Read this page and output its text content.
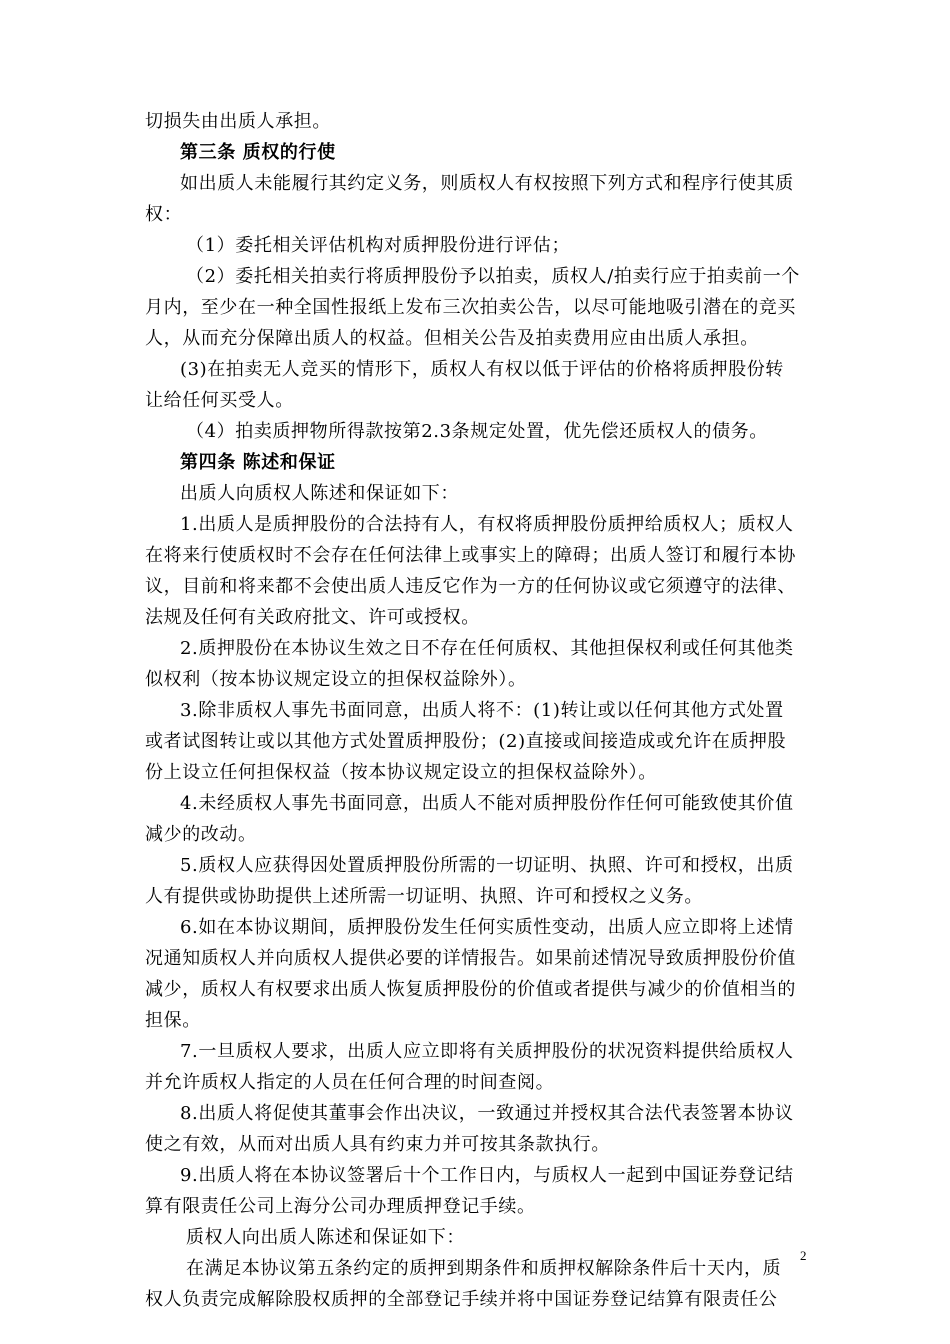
切损失由出质人承担。
第三条 质权的行使
如出质人未能履行其约定义务，则质权人有权按照下列方式和程序行使其质
权：
（1）委托相关评估机构对质押股份进行评估；
（2）委托相关拍卖行将质押股份予以拍卖，质权人/拍卖行应于拍卖前一个
月内，至少在一种全国性报纸上发布三次拍卖公告，以尽可能地吸引潜在的竞买
人，从而充分保障出质人的权益。但相关公告及拍卖费用应由出质人承担。
(3)在拍卖无人竞买的情形下，质权人有权以低于评估的价格将质押股份转
让给任何买受人。
（4）拍卖质押物所得款按第2.3条规定处置，优先偿还质权人的债务。
第四条 陈述和保证
出质人向质权人陈述和保证如下：
1.出质人是质押股份的合法持有人，有权将质押股份质押给质权人；质权人
在将来行使质权时不会存在任何法律上或事实上的障碍；出质人签订和履行本协
议，目前和将来都不会使出质人违反它作为一方的任何协议或它须遵守的法律、
法规及任何有关政府批文、许可或授权。
2.质押股份在本协议生效之日不存在任何质权、其他担保权利或任何其他类
似权利（按本协议规定设立的担保权益除外）。
3.除非质权人事先书面同意，出质人将不：(1)转让或以任何其他方式处置
或者试图转让或以其他方式处置质押股份；(2)直接或间接造成或允许在质押股
份上设立任何担保权益（按本协议规定设立的担保权益除外）。
4.未经质权人事先书面同意，出质人不能对质押股份作任何可能致使其价值
减少的改动。
5.质权人应获得因处置质押股份所需的一切证明、执照、许可和授权，出质
人有提供或协助提供上述所需一切证明、执照、许可和授权之义务。
6.如在本协议期间，质押股份发生任何实质性变动，出质人应立即将上述情
况通知质权人并向质权人提供必要的详情报告。如果前述情况导致质押股份价值
减少，质权人有权要求出质人恢复质押股份的价值或者提供与减少的价值相当的
担保。
7.一旦质权人要求，出质人应立即将有关质押股份的状况资料提供给质权人
并允许质权人指定的人员在任何合理的时间查阅。
8.出质人将促使其董事会作出决议，一致通过并授权其合法代表签署本协议
使之有效，从而对出质人具有约束力并可按其条款执行。
9.出质人将在本协议签署后十个工作日内，与质权人一起到中国证券登记结
算有限责任公司上海分公司办理质押登记手续。
质权人向出质人陈述和保证如下：
在满足本协议第五条约定的质押到期条件和质押权解除条件后十天内，质
权人负责完成解除股权质押的全部登记手续并将中国证券登记结算有限责任公
2
